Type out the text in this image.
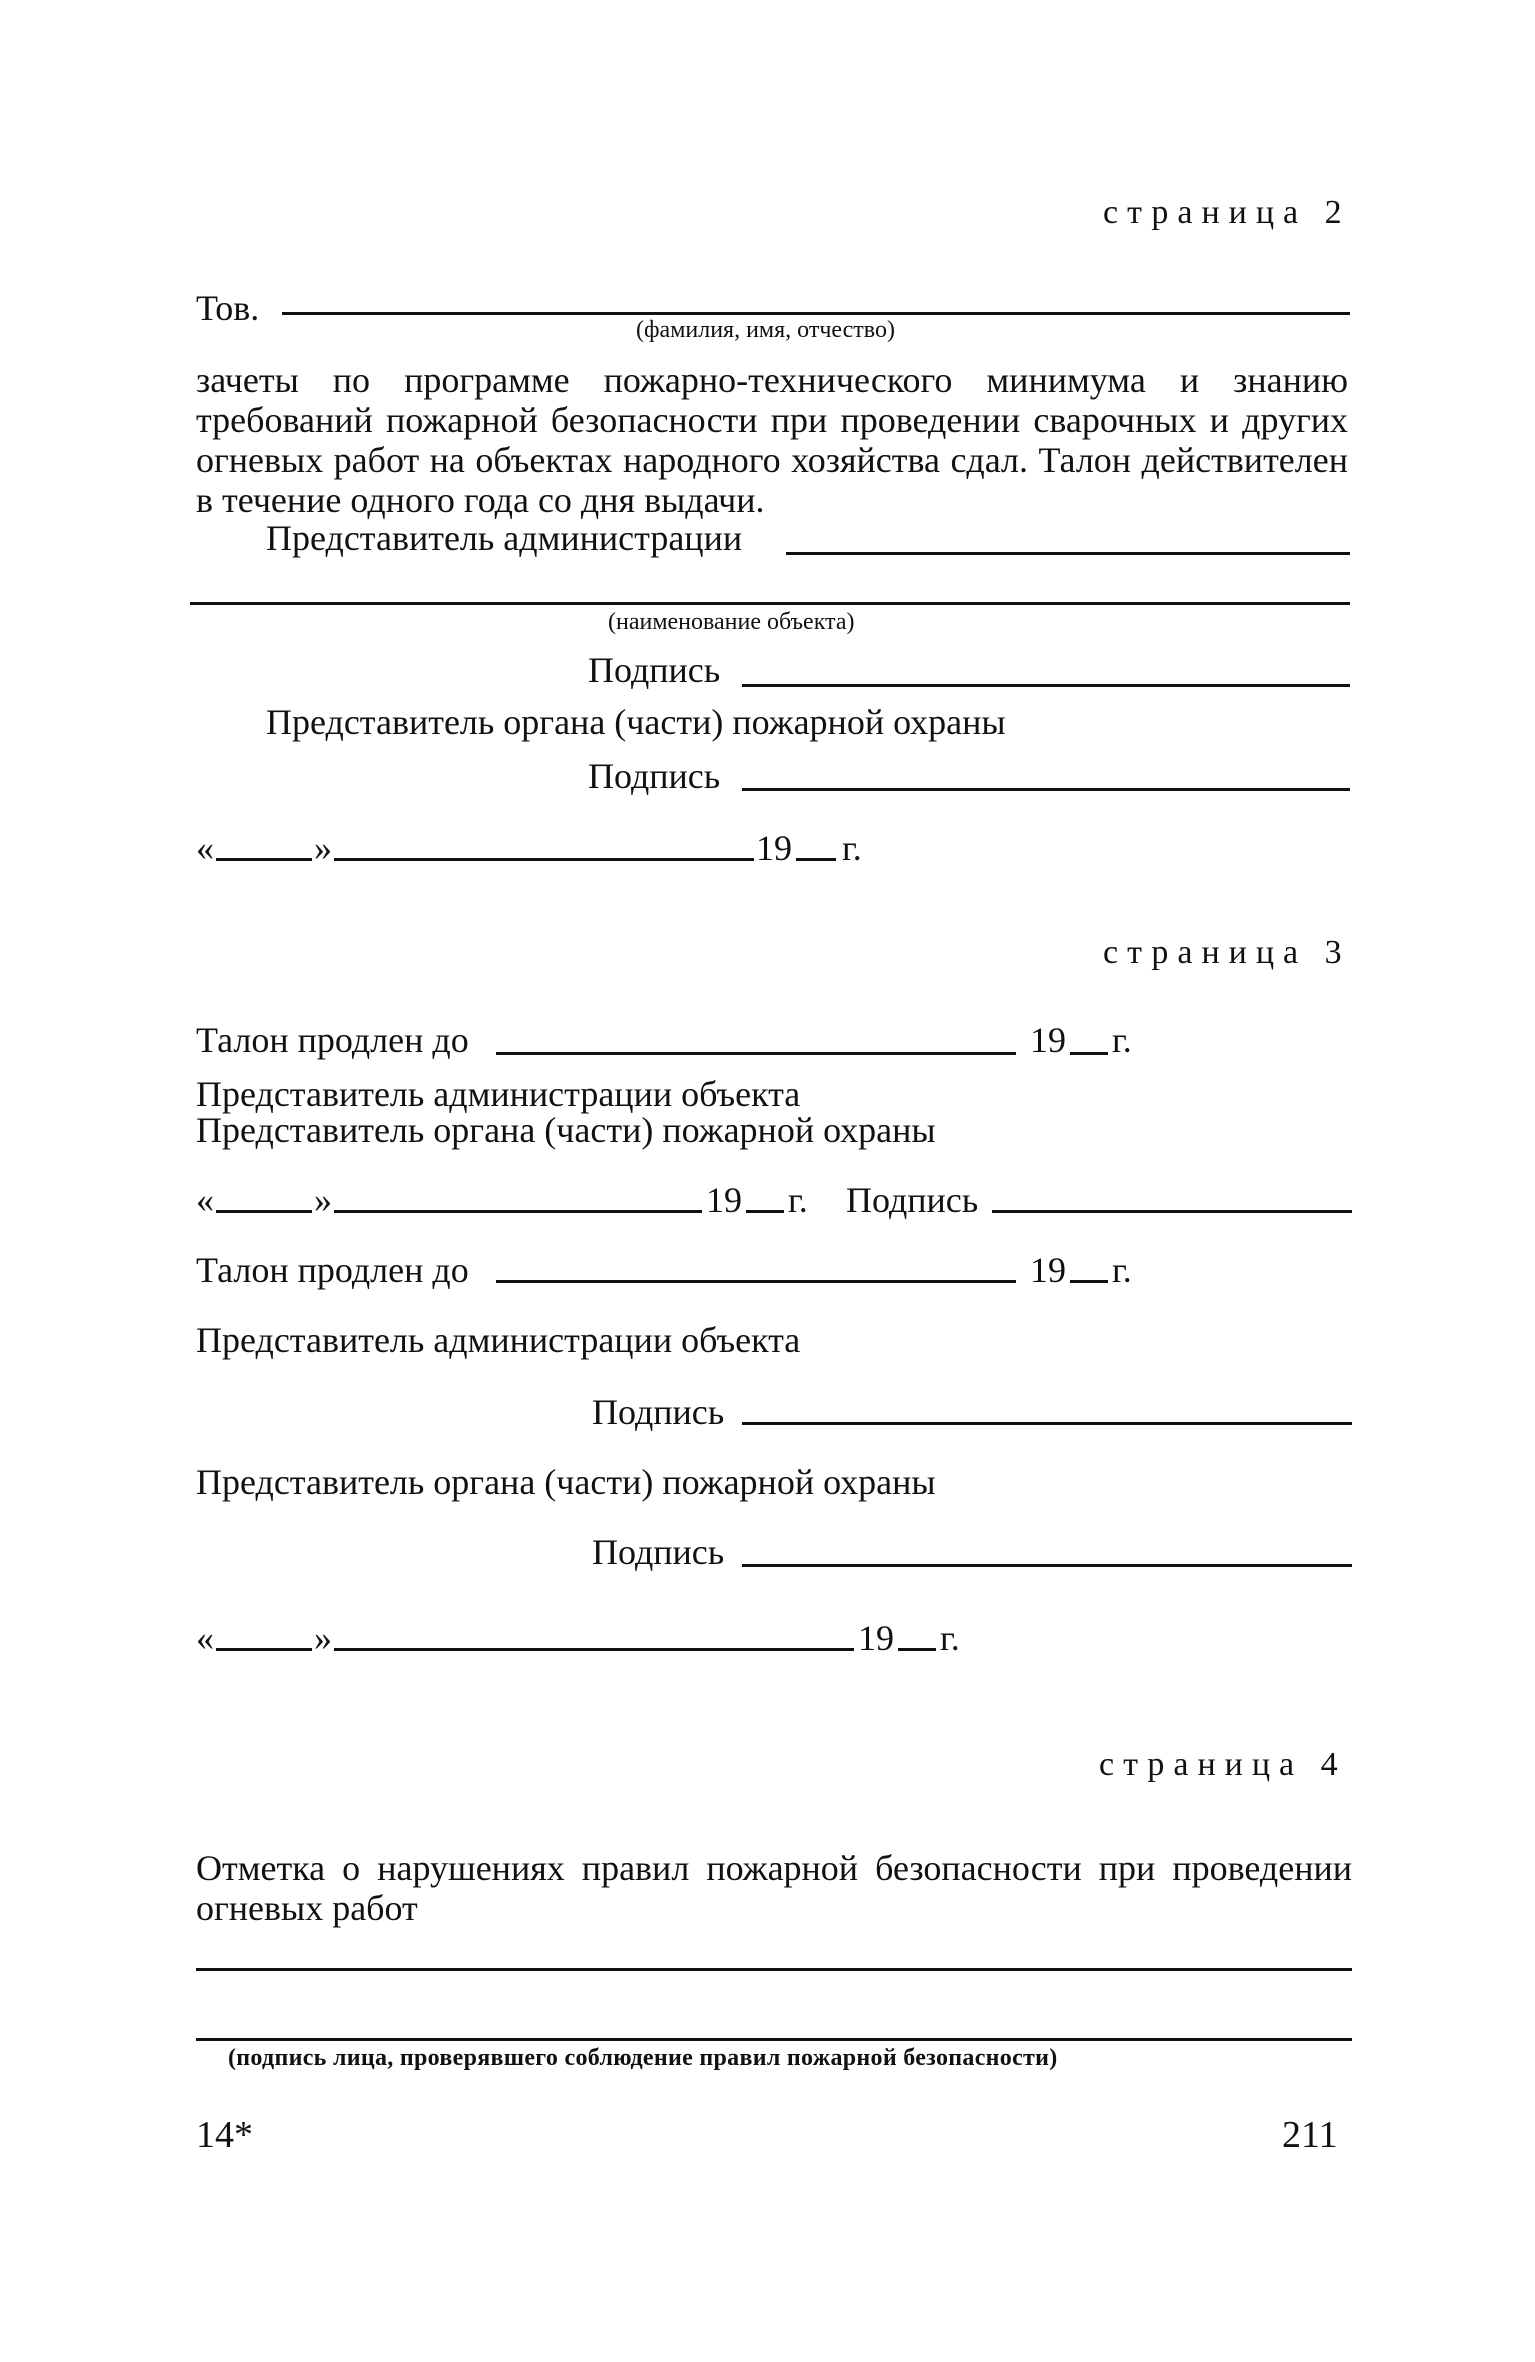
страница 2
Тов.
(фамилия, имя, отчество)
зачеты по программе пожарно-технического минимума и знанию требований пожарной безопасности при проведении сварочных и других огневых работ на объектах народного хозяйства сдал. Талон действителен в течение одного года со дня выдачи.
Представитель администрации
(наименование объекта)
Подпись
Представитель органа (части) пожарной охраны
Подпись
«	»	19 г.
страница 3
Талон продлен до	19 г.
Представитель администрации объекта
Представитель органа (части) пожарной охраны
«	»	19 г. Подпись
Талон продлен до	19 г.
Представитель администрации объекта
Подпись
Представитель органа (части) пожарной охраны
Подпись
«	»	19 г.
страница 4
Отметка о нарушениях правил пожарной безопасности при проведении огневых работ
(подпись лица, проверявшего соблюдение правил пожарной безопасности)
14*	211
